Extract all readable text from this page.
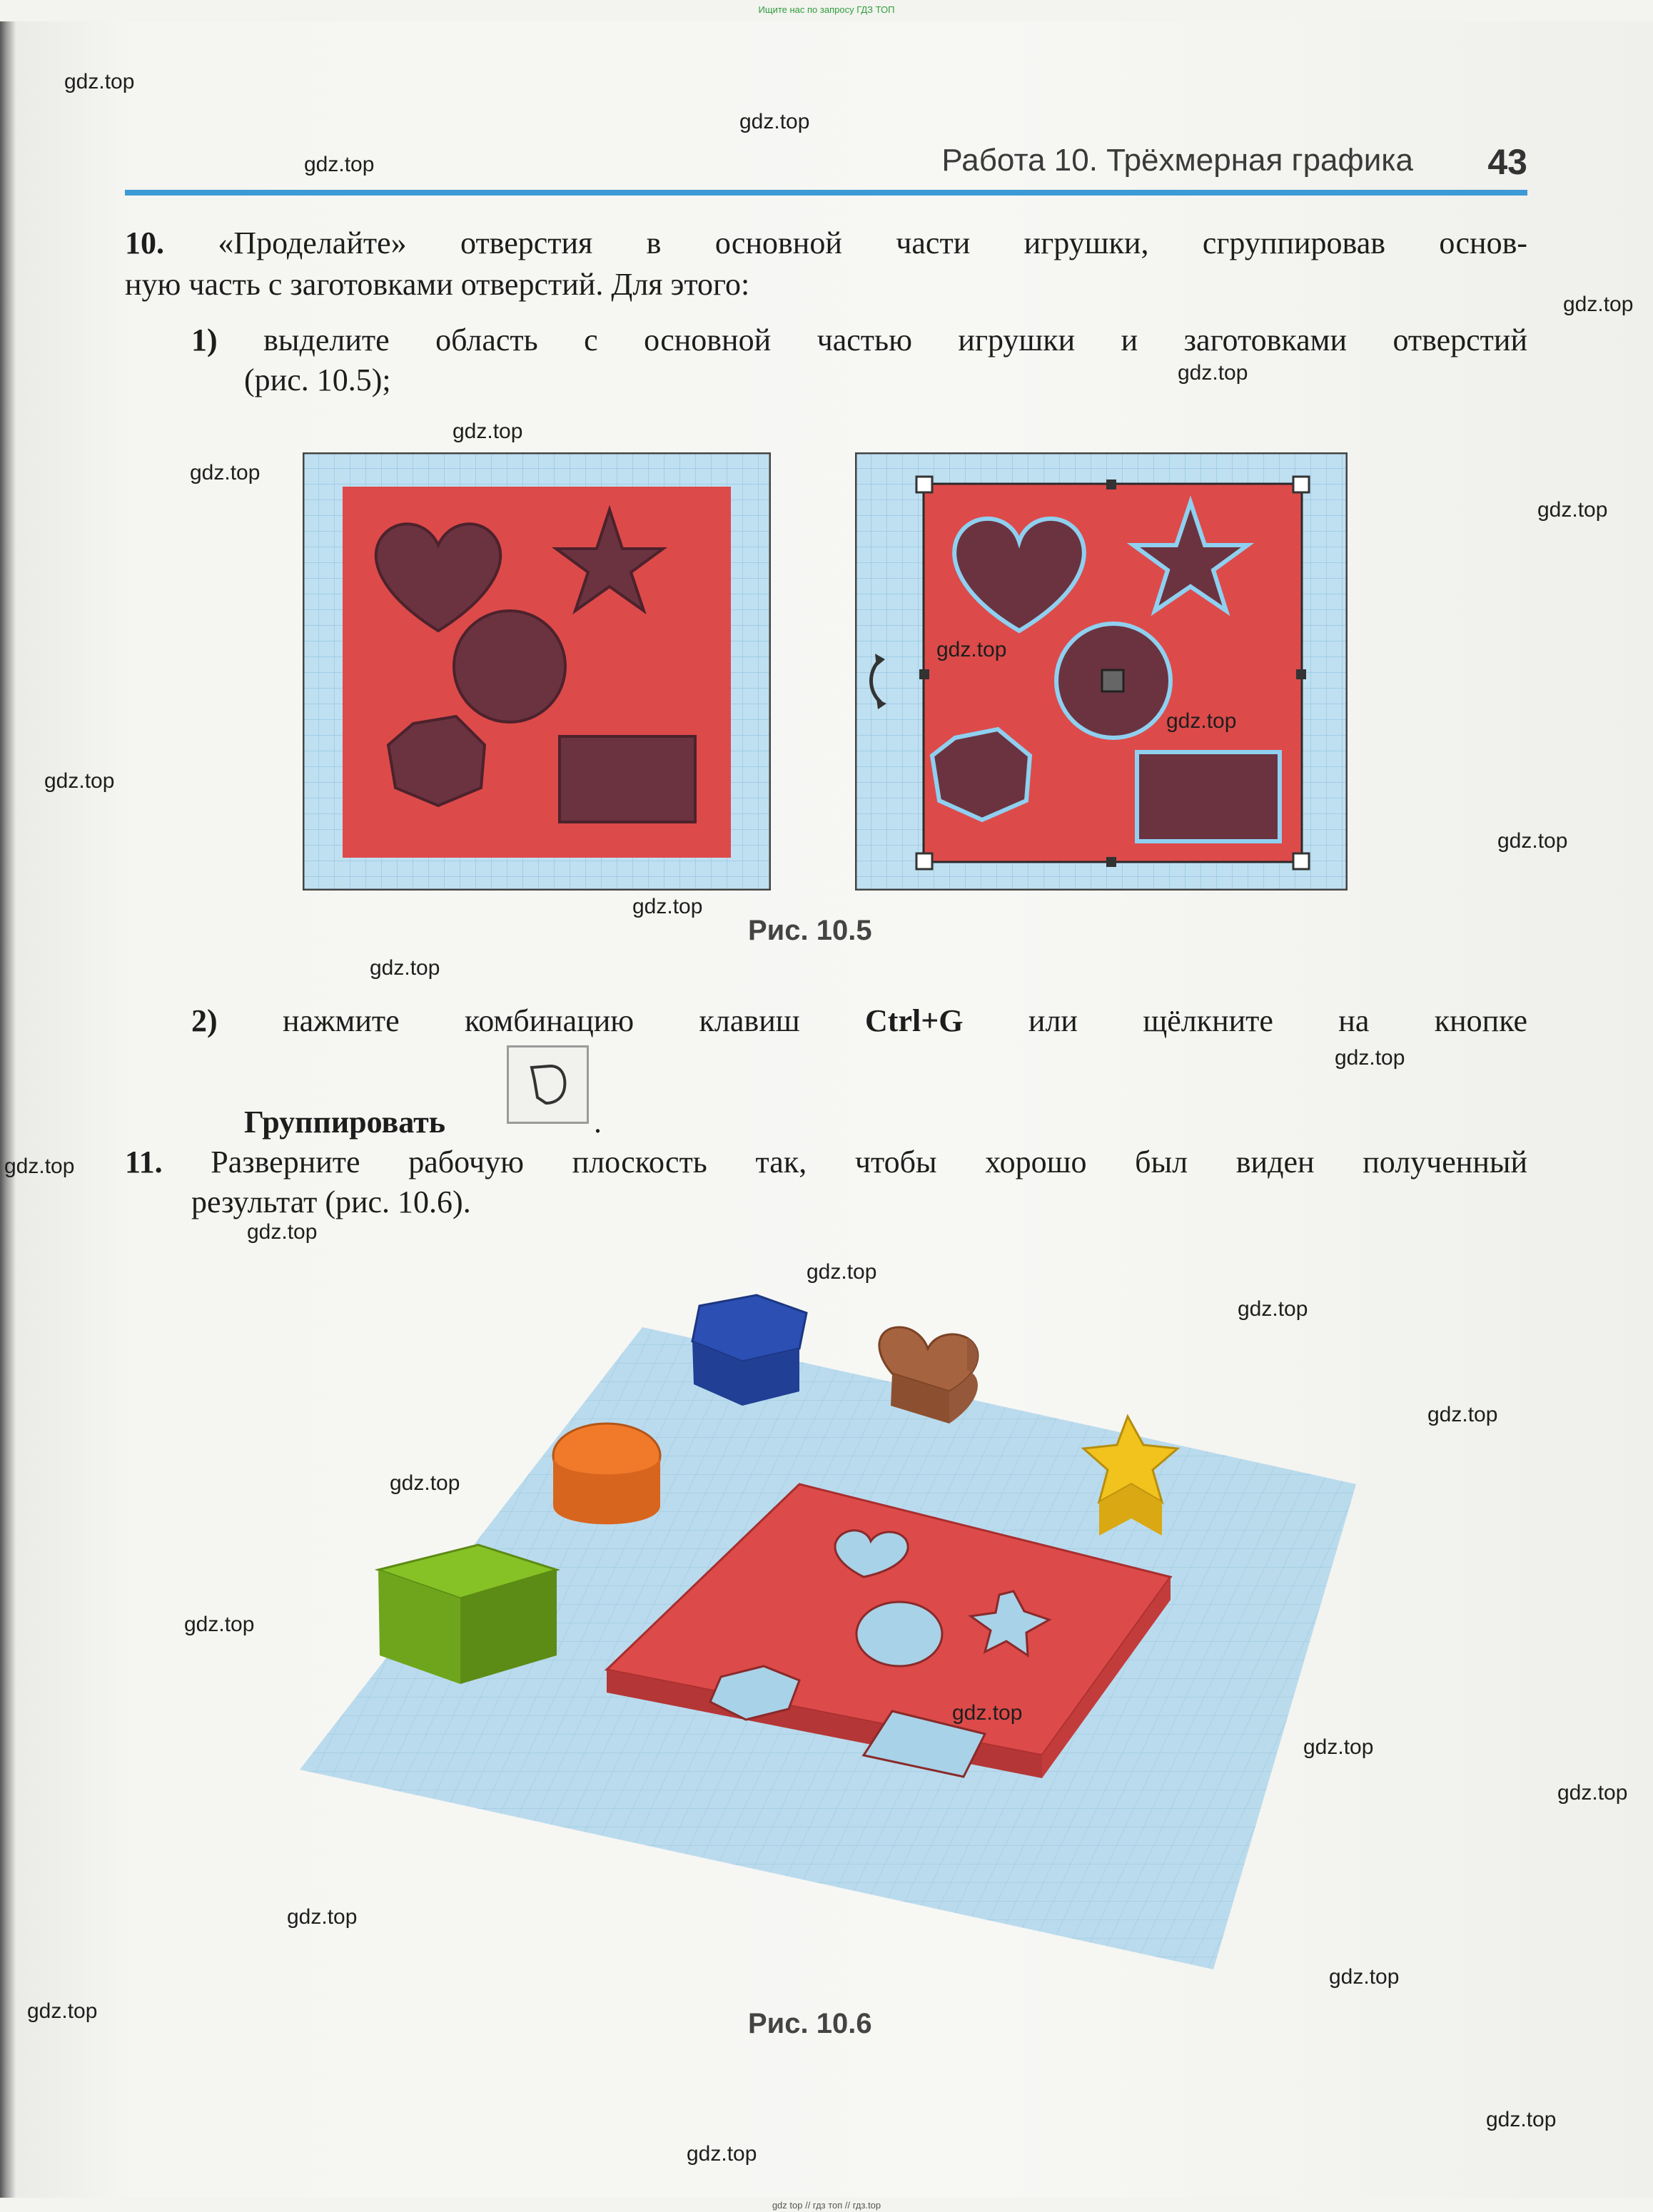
Ищите нас по запросу ГДЗ ТОП
Работа 10. Трёхмерная графика	43
10. «Проделайте» отверстия в основной части игрушки, сгруппировав основ-
ную часть с заготовками отверстий. Для этого:
1) выделите область с основной частью игрушки и заготовками отверстий
(рис. 10.5);
Рис. 10.5
2) нажмите комбинацию клавиш Ctrl+G или щёлкните на кнопке
Группировать	.
11. Разверните рабочую плоскость так, чтобы хорошо был виден полученный
результат (рис. 10.6).
Рис. 10.6
gdz.top
gdz.top
gdz.top
gdz.top
gdz.top
gdz.top
gdz.top
gdz.top
gdz.top
gdz.top
gdz.top
gdz.top
gdz.top
gdz.top
gdz.top
gdz.top
gdz.top
gdz.top
gdz.top
gdz.top
gdz.top
gdz.top
gdz.top
gdz.top
gdz.top
gdz.top
gdz.top
gdz.top
gdz.top
gdz.top
gdz top // гдз топ // гдз.top
